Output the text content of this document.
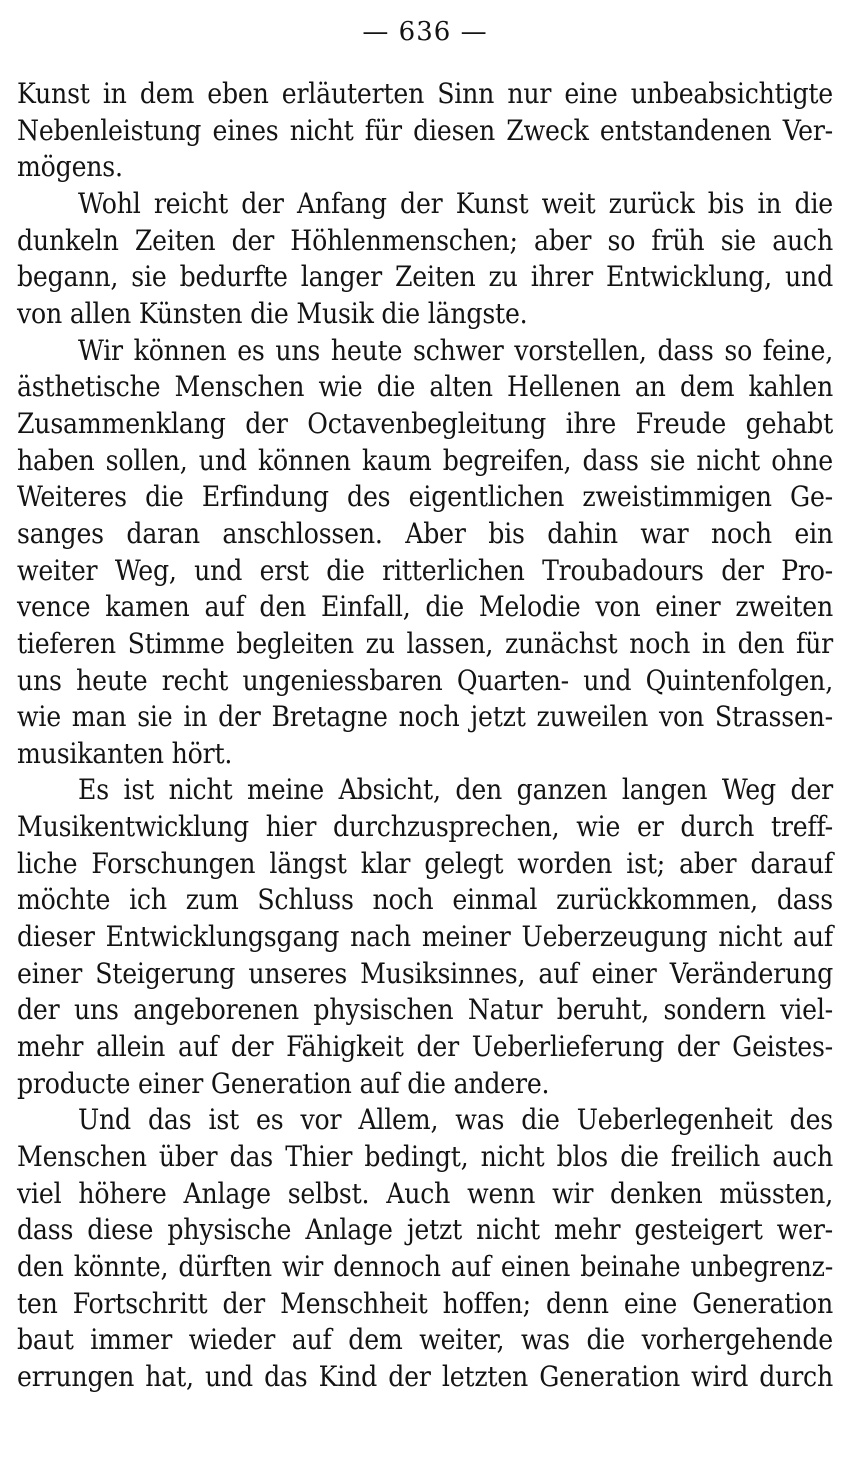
— 636 —
Kunst in dem eben erläuterten Sinn nur eine unbeabsichtigte
Nebenleistung eines nicht für diesen Zweck entstandenen Ver-
mögens.
Wohl reicht der Anfang der Kunst weit zurück bis in die
dunkeln Zeiten der Höhlenmenschen; aber so früh sie auch
begann, sie bedurfte langer Zeiten zu ihrer Entwicklung, und
von allen Künsten die Musik die längste.
Wir können es uns heute schwer vorstellen, dass so feine,
ästhetische Menschen wie die alten Hellenen an dem kahlen
Zusammenklang der Octavenbegleitung ihre Freude gehabt
haben sollen, und können kaum begreifen, dass sie nicht ohne
Weiteres die Erfindung des eigentlichen zweistimmigen Ge-
sanges daran anschlossen. Aber bis dahin war noch ein
weiter Weg, und erst die ritterlichen Troubadours der Pro-
vence kamen auf den Einfall, die Melodie von einer zweiten
tieferen Stimme begleiten zu lassen, zunächst noch in den für
uns heute recht ungeniessbaren Quarten- und Quintenfolgen,
wie man sie in der Bretagne noch jetzt zuweilen von Strassen-
musikanten hört.
Es ist nicht meine Absicht, den ganzen langen Weg der
Musikentwicklung hier durchzusprechen, wie er durch treff-
liche Forschungen längst klar gelegt worden ist; aber darauf
möchte ich zum Schluss noch einmal zurückkommen, dass
dieser Entwicklungsgang nach meiner Ueberzeugung nicht auf
einer Steigerung unseres Musiksinnes, auf einer Veränderung
der uns angeborenen physischen Natur beruht, sondern viel-
mehr allein auf der Fähigkeit der Ueberlieferung der Geistes-
producte einer Generation auf die andere.
Und das ist es vor Allem, was die Ueberlegenheit des
Menschen über das Thier bedingt, nicht blos die freilich auch
viel höhere Anlage selbst. Auch wenn wir denken müssten,
dass diese physische Anlage jetzt nicht mehr gesteigert wer-
den könnte, dürften wir dennoch auf einen beinahe unbegrenz-
ten Fortschritt der Menschheit hoffen; denn eine Generation
baut immer wieder auf dem weiter, was die vorhergehende
errungen hat, und das Kind der letzten Generation wird durch
